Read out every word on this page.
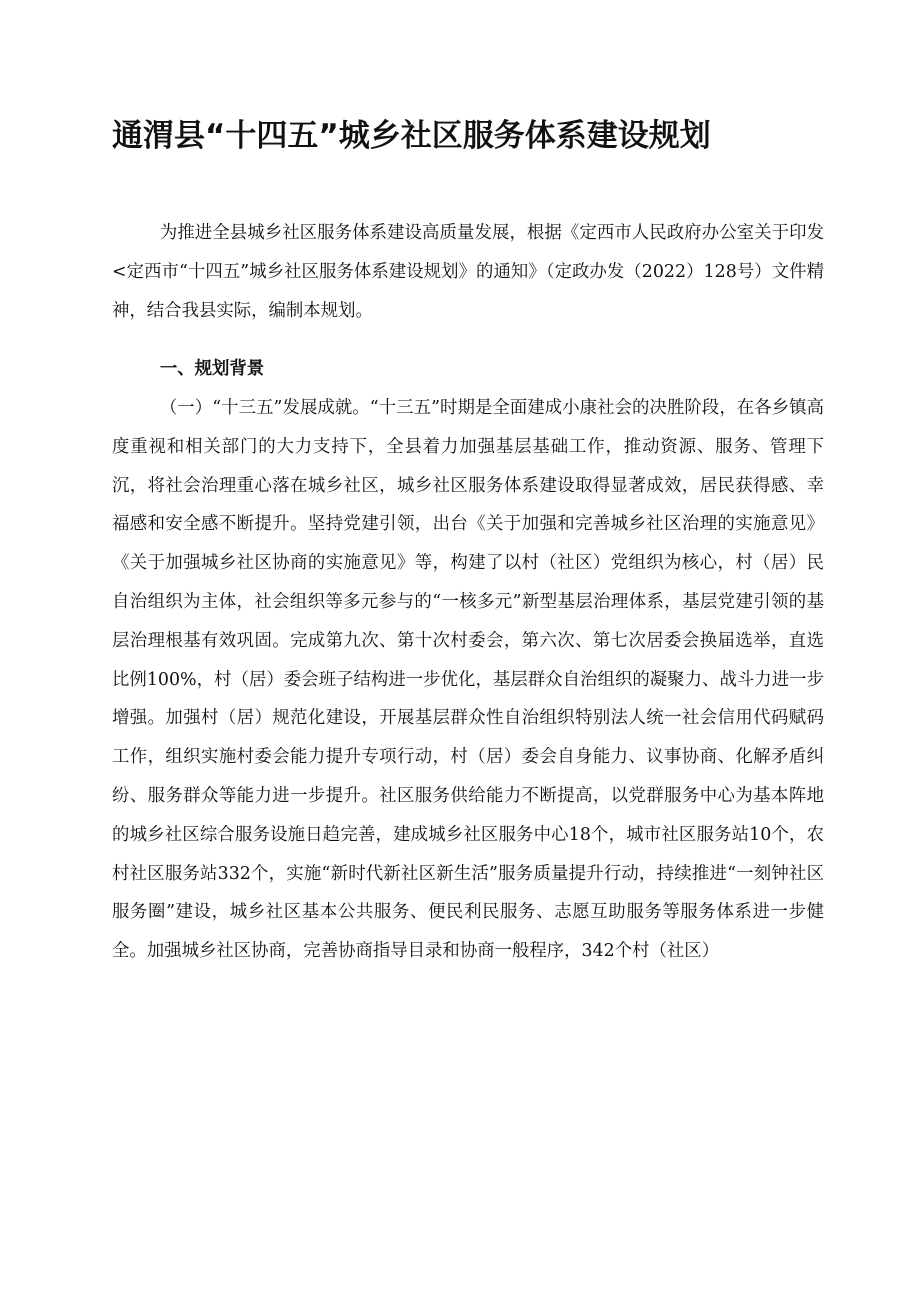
通渭县“十四五”城乡社区服务体系建设规划

为推进全县城乡社区服务体系建设高质量发展，根据《定西市人民政府办公室关于印发<定西市“十四五”城乡社区服务体系建设规划》的通知》（定政办发（2022）128号）文件精神，结合我县实际，编制本规划。

一、规划背景

（一）“十三五”发展成就。“十三五”时期是全面建成小康社会的决胜阶段，在各乡镇高度重视和相关部门的大力支持下，全县着力加强基层基础工作，推动资源、服务、管理下沉，将社会治理重心落在城乡社区，城乡社区服务体系建设取得显著成效，居民获得感、幸福感和安全感不断提升。坚持党建引领，出台《关于加强和完善城乡社区治理的实施意见》《关于加强城乡社区协商的实施意见》等，构建了以村（社区）党组织为核心，村（居）民自治组织为主体，社会组织等多元参与的“一核多元”新型基层治理体系，基层党建引领的基层治理根基有效巩固。完成第九次、第十次村委会，第六次、第七次居委会换届选举，直选比例100%，村（居）委会班子结构进一步优化，基层群众自治组织的凝聚力、战斗力进一步增强。加强村（居）规范化建设，开展基层群众性自治组织特别法人统一社会信用代码赋码工作，组织实施村委会能力提升专项行动，村（居）委会自身能力、议事协商、化解矛盾纠纷、服务群众等能力进一步提升。社区服务供给能力不断提高，以党群服务中心为基本阵地的城乡社区综合服务设施日趋完善，建成城乡社区服务中心18个，城市社区服务站10个，农村社区服务站332个，实施“新时代新社区新生活”服务质量提升行动，持续推进“一刻钟社区服务圈”建设，城乡社区基本公共服务、便民利民服务、志愿互助服务等服务体系进一步健全。加强城乡社区协商，完善协商指导目录和协商一般程序，342个村（社区）
